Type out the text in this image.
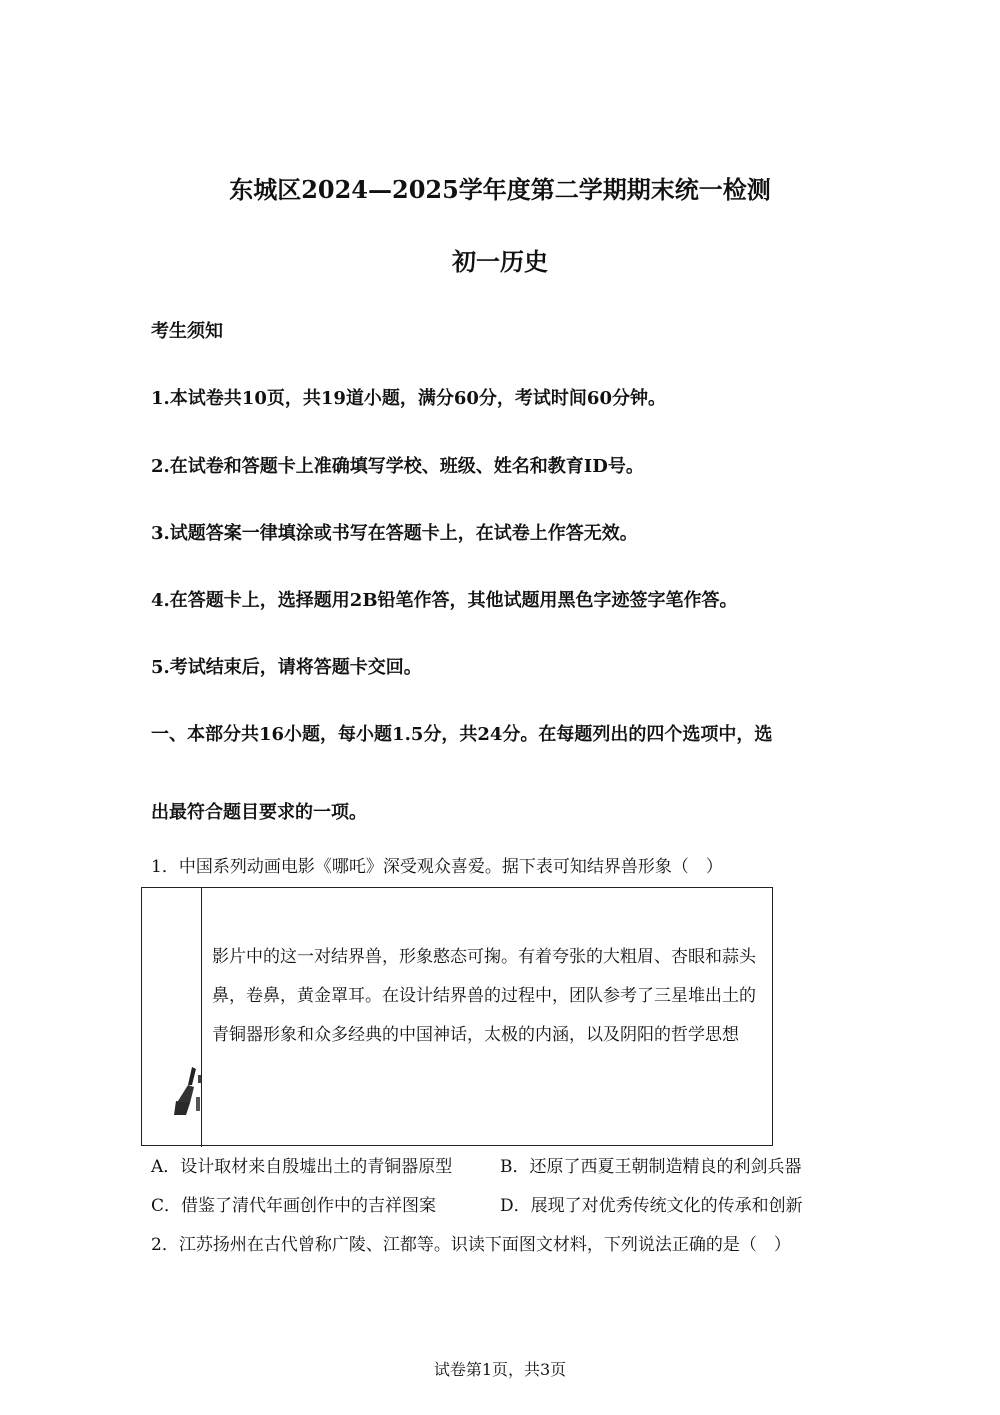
东城区2024—2025学年度第二学期期末统一检测
初一历史
考生须知
1.本试卷共10页，共19道小题，满分60分，考试时间60分钟。
2.在试卷和答题卡上准确填写学校、班级、姓名和教育ID号。
3.试题答案一律填涂或书写在答题卡上，在试卷上作答无效。
4.在答题卡上，选择题用2B铅笔作答，其他试题用黑色字迹签字笔作答。
5.考试结束后，请将答题卡交回。
一、本部分共16小题，每小题1.5分，共24分。在每题列出的四个选项中，选
出最符合题目要求的一项。
1．中国系列动画电影《哪吒》深受观众喜爱。据下表可知结界兽形象（　）
影片中的这一对结界兽，形象憨态可掬。有着夸张的大粗眉、杏眼和蒜头鼻，卷鼻，黄金罩耳。在设计结界兽的过程中，团队参考了三星堆出土的青铜器形象和众多经典的中国神话，太极的内涵，以及阴阳的哲学思想
A．设计取材来自殷墟出土的青铜器原型	B．还原了西夏王朝制造精良的利剑兵器
C．借鉴了清代年画创作中的吉祥图案	D．展现了对优秀传统文化的传承和创新
2．江苏扬州在古代曾称广陵、江都等。识读下面图文材料，下列说法正确的是（　）
试卷第1页，共3页
